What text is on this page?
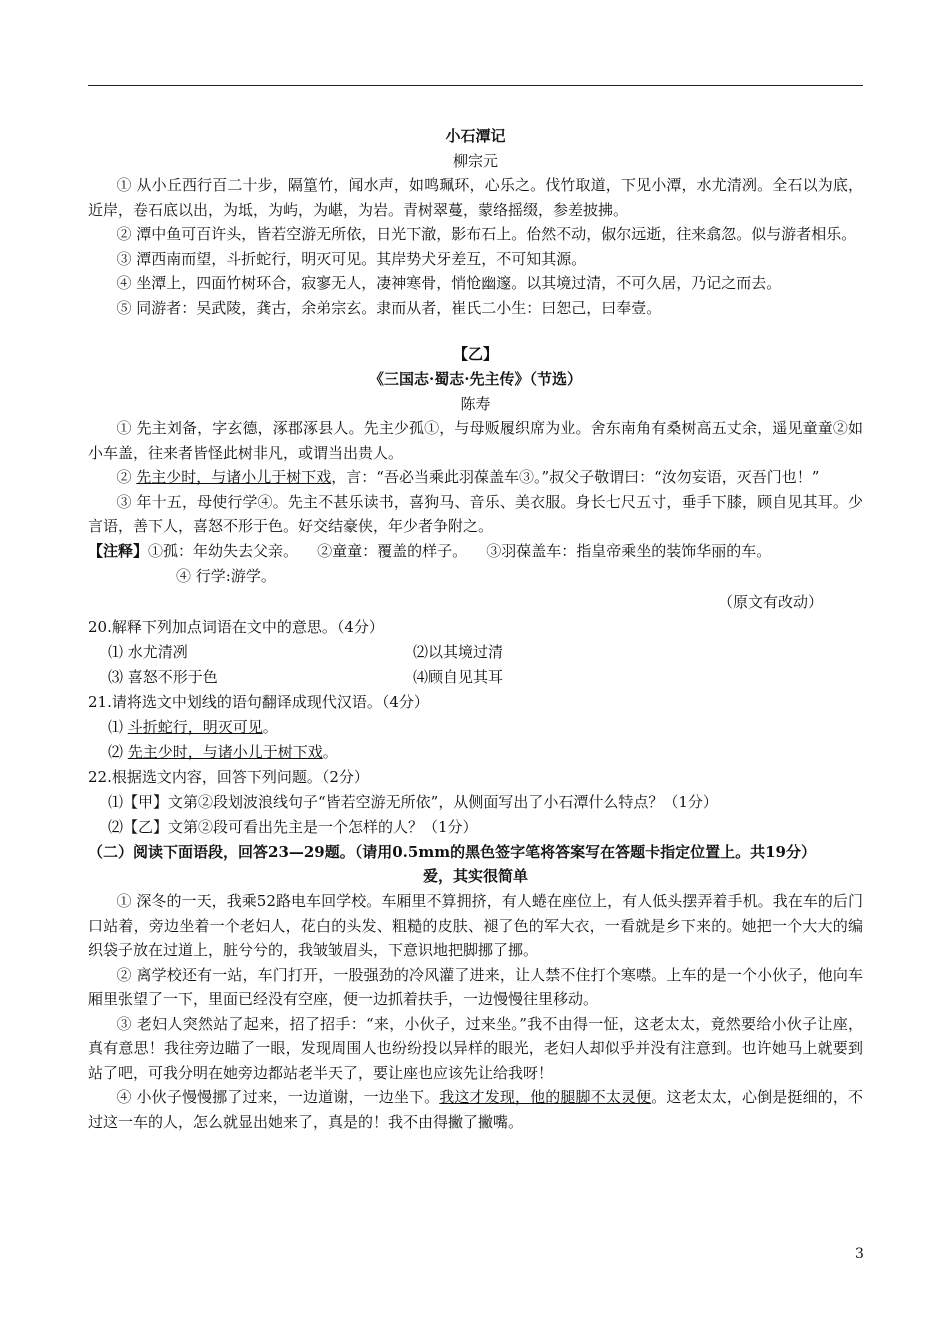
小石潭记
柳宗元

① 从小丘西行百二十步，隔篁竹，闻水声，如鸣珮环，心乐之。伐竹取道，下见小潭，水尤清冽。全石以为底，近岸，卷石底以出，为坻，为屿，为嵁，为岩。青树翠蔓，蒙络摇缀，参差披拂。

② 潭中鱼可百许头，皆若空游无所依，日光下澈，影布石上。佁然不动，俶尔远逝，往来翕忽。似与游者相乐。

③ 潭西南而望，斗折蛇行，明灭可见。其岸势犬牙差互，不可知其源。

④ 坐潭上，四面竹树环合，寂寥无人，凄神寒骨，悄怆幽邃。以其境过清，不可久居，乃记之而去。

⑤ 同游者：吴武陵，龚古，余弟宗玄。隶而从者，崔氏二小生：曰恕己，曰奉壹。

【乙】
《三国志·蜀志·先主传》（节选）
陈寿

① 先主刘备，字玄德，涿郡涿县人。先主少孤①，与母贩履织席为业。舍东南角有桑树高五丈余，遥见童童②如小车盖，往来者皆怪此树非凡，或谓当出贵人。

② 先主少时，与诸小儿于树下戏，言：“吾必当乘此羽葆盖车③。”叔父子敬谓曰：“汝勿妄语，灭吾门也！”

③ 年十五，母使行学④。先主不甚乐读书，喜狗马、音乐、美衣服。身长七尺五寸，垂手下膝，顾自见其耳。少言语，善下人，喜怒不形于色。好交结豪侠，年少者争附之。

【注释】①孤：年幼失去父亲。 ②童童：覆盖的样子。 ③羽葆盖车：指皇帝乘坐的装饰华丽的车。
④ 行学:游学。
（原文有改动）
20.解释下列加点词语在文中的意思。（4分）
⑴ 水尤清冽	⑵以其境过清
⑶ 喜怒不形于色	⑷顾自见其耳
21.请将选文中划线的语句翻译成现代汉语。（4分）
⑴ 斗折蛇行，明灭可见。
⑵ 先主少时，与诸小儿于树下戏。
22.根据选文内容，回答下列问题。（2分）
⑴【甲】文第②段划波浪线句子“皆若空游无所依”，从侧面写出了小石潭什么特点？（1分）
⑵【乙】文第②段可看出先主是一个怎样的人？（1分）
（二）阅读下面语段，回答23—29题。（请用0.5mm的黑色签字笔将答案写在答题卡指定位置上。共19分）
爱，其实很简单

① 深冬的一天，我乘52路电车回学校。车厢里不算拥挤，有人蜷在座位上，有人低头摆弄着手机。我在车的后门口站着，旁边坐着一个老妇人，花白的头发、粗糙的皮肤、褪了色的军大衣，一看就是乡下来的。她把一个大大的编织袋子放在过道上，脏兮兮的，我皱皱眉头，下意识地把脚挪了挪。

② 离学校还有一站，车门打开，一股强劲的冷风灌了进来，让人禁不住打个寒噤。上车的是一个小伙子，他向车厢里张望了一下，里面已经没有空座，便一边抓着扶手，一边慢慢往里移动。

③ 老妇人突然站了起来，招了招手：“来，小伙子，过来坐。”我不由得一怔，这老太太，竟然要给小伙子让座，真有意思！我往旁边瞄了一眼，发现周围人也纷纷投以异样的眼光，老妇人却似乎并没有注意到。也许她马上就要到站了吧，可我分明在她旁边都站老半天了，要让座也应该先让给我呀！

④ 小伙子慢慢挪了过来，一边道谢，一边坐下。我这才发现，他的腿脚不太灵便。这老太太，心倒是挺细的，不过这一车的人，怎么就显出她来了，真是的！我不由得撇了撇嘴。

3
